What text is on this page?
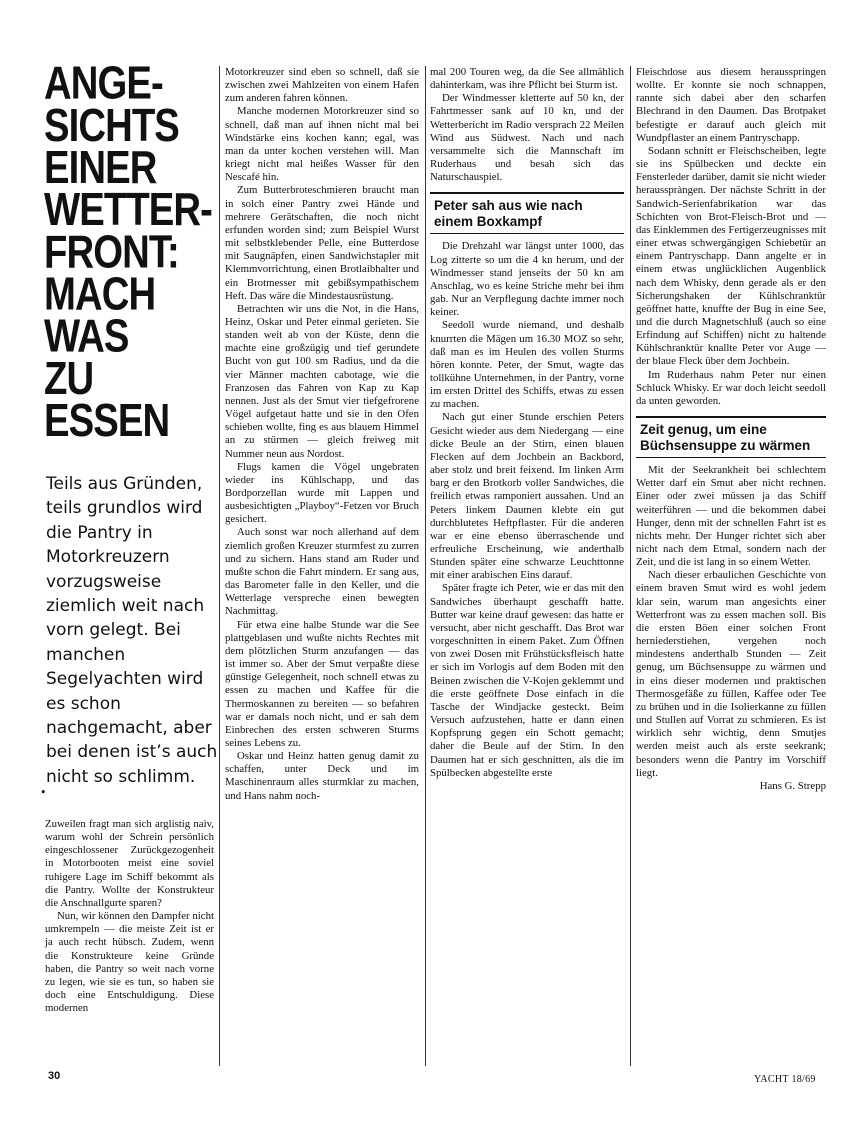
ANGE-
SICHTS
EINER
WETTER-
FRONT:
MACH WAS
ZU ESSEN

Teils aus Gründen, teils grundlos wird die Pantry in Motorkreuzern vorzugsweise ziemlich weit nach vorn gelegt. Bei manchen Segelyachten wird es schon nachgemacht, aber bei denen ist’s auch nicht so schlimm.

•

Zuweilen fragt man sich arglistig naiv, warum wohl der Schrein persönlich eingeschlossener Zurückgezogenheit in Motorbooten meist eine soviel ruhigere Lage im Schiff bekommt als die Pantry. Wollte der Konstrukteur die Anschnallgurte sparen?

Nun, wir können den Dampfer nicht umkrempeln — die meiste Zeit ist er ja auch recht hübsch. Zudem, wenn die Konstrukteure keine Gründe haben, die Pantry so weit nach vorne zu legen, wie sie es tun, so haben sie doch eine Entschuldigung. Diese modernen

Motorkreuzer sind eben so schnell, daß sie zwischen zwei Mahlzeiten von einem Hafen zum anderen fahren können.

Manche modernen Motorkreuzer sind so schnell, daß man auf ihnen nicht mal bei Windstärke eins kochen kann; egal, was man da unter kochen verstehen will. Man kriegt nicht mal heißes Wasser für den Nescafé hin.

Zum Butterbroteschmieren braucht man in solch einer Pantry zwei Hände und mehrere Gerätschaften, die noch nicht erfunden worden sind; zum Beispiel Wurst mit selbstklebender Pelle, eine Butterdose mit Saugnäpfen, einen Sandwichstapler mit Klemmvorrichtung, einen Brotlaibhalter und ein Brotmesser mit gebißsympathischem Heft. Das wäre die Mindestausrüstung.

Betrachten wir uns die Not, in die Hans, Heinz, Oskar und Peter einmal gerieten. Sie standen weit ab von der Küste, denn die machte eine großzügig und tief gerundete Bucht von gut 100 sm Radius, und da die vier Männer machten cabotage, wie die Franzosen das Fahren von Kap zu Kap nennen. Just als der Smut vier tiefgefrorene Vögel aufgetaut hatte und sie in den Ofen schieben wollte, fing es aus blauem Himmel an zu stürmen — gleich freiweg mit Nummer neun aus Nordost.

Flugs kamen die Vögel ungebraten wieder ins Kühlschapp, und das Bordporzellan wurde mit Lappen und ausbesichtigten „Playboy“-Fetzen vor Bruch gesichert.

Auch sonst war noch allerhand auf dem ziemlich großen Kreuzer sturmfest zu zurren und zu sichern. Hans stand am Ruder und mußte schon die Fahrt mindern. Er sang aus, das Barometer falle in den Keller, und die Wetterlage verspreche einen bewegten Nachmittag.

Für etwa eine halbe Stunde war die See plattgeblasen und wußte nichts Rechtes mit dem plötzlichen Sturm anzufangen — das ist immer so. Aber der Smut verpaßte diese günstige Gelegenheit, noch schnell etwas zu essen zu machen und Kaffee für die Thermoskannen zu bereiten — so befahren war er damals noch nicht, und er sah dem Einbrechen des ersten schweren Sturms seines Lebens zu.

Oskar und Heinz hatten genug damit zu schaffen, unter Deck und im Maschinenraum alles sturmklar zu machen, und Hans nahm noch-

mal 200 Touren weg, da die See allmählich dahinterkam, was ihre Pflicht bei Sturm ist.

Der Windmesser kletterte auf 50 kn, der Fahrtmesser sank auf 10 kn, und der Wetterbericht im Radio versprach 22 Meilen Wind aus Südwest. Nach und nach versammelte sich die Mannschaft im Ruderhaus und besah sich das Naturschauspiel.

Peter sah aus wie nach einem Boxkampf

Die Drehzahl war längst unter 1000, das Log zitterte so um die 4 kn herum, und der Windmesser stand jenseits der 50 kn am Anschlag, wo es keine Striche mehr bei ihm gab. Nur an Verpflegung dachte immer noch keiner.

Seedoll wurde niemand, und deshalb knurrten die Mägen um 16.30 MOZ so sehr, daß man es im Heulen des vollen Sturms hören konnte. Peter, der Smut, wagte das tollkühne Unternehmen, in der Pantry, vorne im ersten Drittel des Schiffs, etwas zu essen zu machen.

Nach gut einer Stunde erschien Peters Gesicht wieder aus dem Niedergang — eine dicke Beule an der Stirn, einen blauen Flecken auf dem Jochbein an Backbord, aber stolz und breit feixend. Im linken Arm barg er den Brotkorb voller Sandwiches, die freilich etwas ramponiert aussahen. Und an Peters linkem Daumen klebte ein gut durchblutetes Heftpflaster. Für die anderen war er eine ebenso überraschende und erfreuliche Erscheinung, wie anderthalb Stunden später eine schwarze Leuchttonne mit einer arabischen Eins darauf.

Später fragte ich Peter, wie er das mit den Sandwiches überhaupt geschafft hatte. Butter war keine drauf gewesen: das hatte er versucht, aber nicht geschafft. Das Brot war vorgeschnitten in einem Paket. Zum Öffnen von zwei Dosen mit Frühstücksfleisch hatte er sich im Vorlogis auf dem Boden mit den Beinen zwischen die V-Kojen geklemmt und die erste geöffnete Dose einfach in die Tasche der Windjacke gesteckt. Beim Versuch aufzustehen, hatte er dann einen Kopfsprung gegen ein Schott gemacht; daher die Beule auf der Stirn. In den Daumen hat er sich geschnitten, als die im Spülbecken abgestellte erste

Fleischdose aus diesem herausspringen wollte. Er konnte sie noch schnappen, rannte sich dabei aber den scharfen Blechrand in den Daumen. Das Brotpaket befestigte er darauf auch gleich mit Wundpflaster an einem Pantryschapp.

Sodann schnitt er Fleischscheiben, legte sie ins Spülbecken und deckte ein Fensterleder darüber, damit sie nicht wieder herausspràngen. Der nächste Schritt in der Sandwich-Serienfabrikation war das Schichten von Brot-Fleisch-Brot und — das Einklemmen des Fertigerzeugnisses mit einer etwas schwergängigen Schiebetür an einem Pantryschapp. Dann angelte er in einem etwas unglücklichen Augenblick nach dem Whisky, denn gerade als er den Sicherungshaken der Kühlschranktür geöffnet hatte, knuffte der Bug in eine See, und die durch Magnetschluß (auch so eine Erfindung auf Schiffen) nicht zu haltende Kühlschranktür knallte Peter vor Auge — der blaue Fleck über dem Jochbein.

Im Ruderhaus nahm Peter nur einen Schluck Whisky. Er war doch leicht seedoll da unten geworden.

Zeit genug, um eine Büchsensuppe zu wärmen

Mit der Seekrankheit bei schlechtem Wetter darf ein Smut aber nicht rechnen. Einer oder zwei müssen ja das Schiff weiterführen — und die bekommen dabei Hunger, denn mit der schnellen Fahrt ist es nichts mehr. Der Hunger richtet sich aber nicht nach dem Etmal, sondern nach der Zeit, und die ist lang in so einem Wetter.

Nach dieser erbaulichen Geschichte von einem braven Smut wird es wohl jedem klar sein, warum man angesichts einer Wetterfront was zu essen machen soll. Bis die ersten Böen einer solchen Front herniederstiehen, vergehen noch mindestens anderthalb Stunden — Zeit genug, um Büchsensuppe zu wärmen und in eins dieser modernen und praktischen Thermosgefäße zu füllen, Kaffee oder Tee zu brühen und in die Isolierkanne zu füllen und Stullen auf Vorrat zu schmieren. Es ist wirklich sehr wichtig, denn Smutjes werden meist auch als erste seekrank; besonders wenn die Pantry im Vorschiff liegt.

Hans G. Strepp

30	YACHT 18/69
